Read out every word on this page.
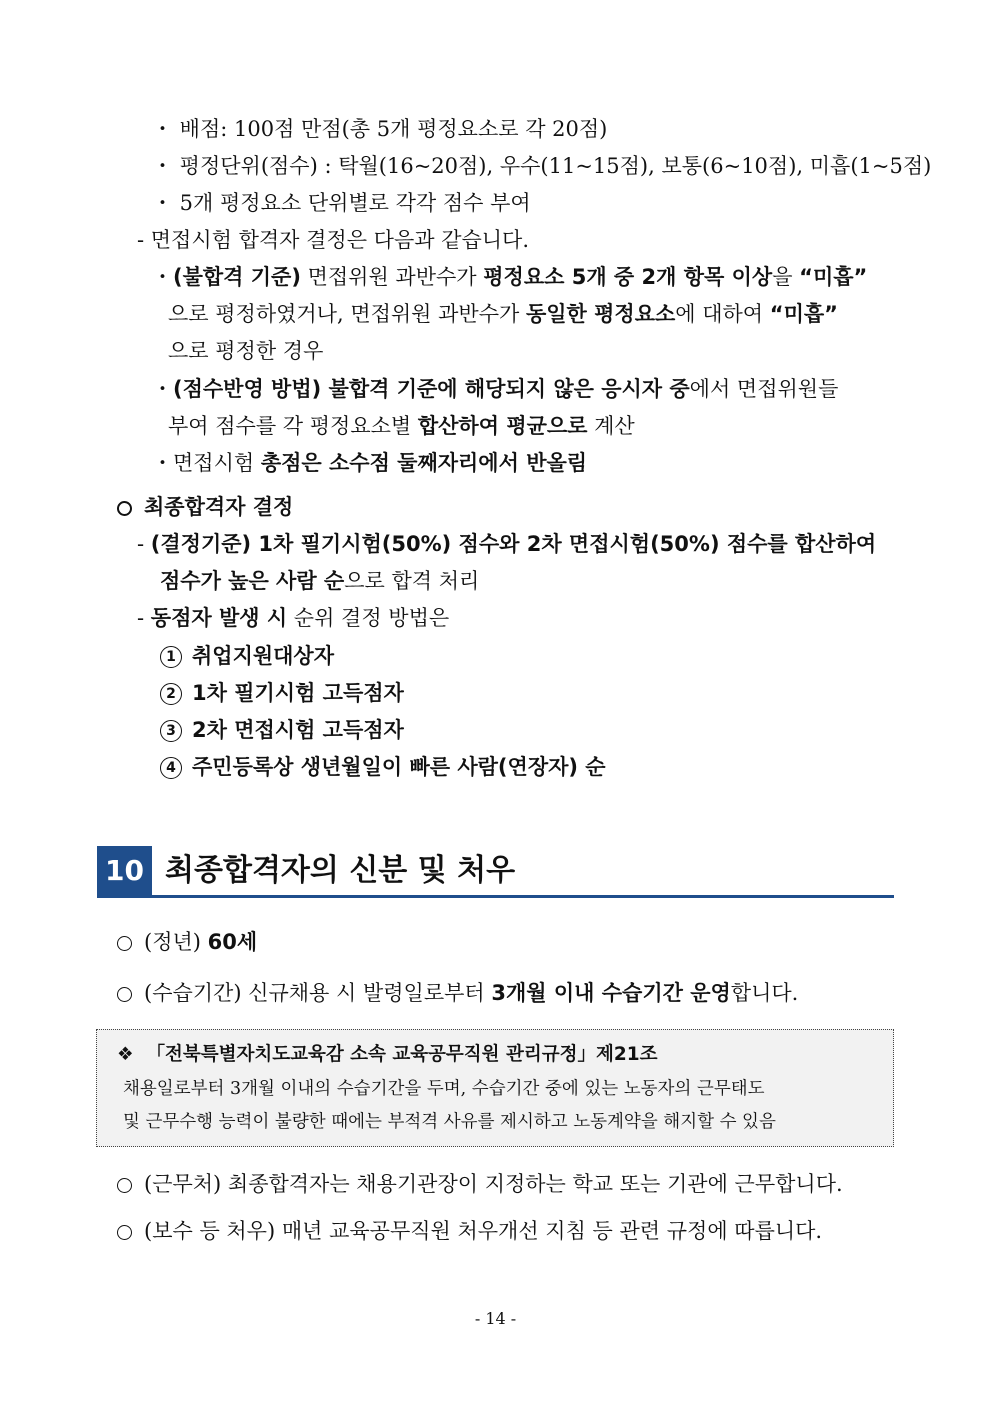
・ 배점: 100점 만점(총 5개 평정요소로 각 20점)
・ 평정단위(점수) : 탁월(16~20점), 우수(11~15점), 보통(6~10점), 미흡(1~5점)
・ 5개 평정요소 단위별로 각각 점수 부여
- 면접시험 합격자 결정은 다음과 같습니다.
・(불합격 기준) 면접위원 과반수가 평정요소 5개 중 2개 항목 이상을 “미흡”
으로 평정하였거나, 면접위원 과반수가 동일한 평정요소에 대하여 “미흡”
으로 평정한 경우
・(점수반영 방법) 불합격 기준에 해당되지 않은 응시자 중에서 면접위원들
부여 점수를 각 평정요소별 합산하여 평균으로 계산
・면접시험 총점은 소수점 둘째자리에서 반올림
최종합격자 결정
- (결정기준) 1차 필기시험(50%) 점수와 2차 면접시험(50%) 점수를 합산하여
점수가 높은 사람 순으로 합격 처리
- 동점자 발생 시 순위 결정 방법은
1 취업지원대상자
2 1차 필기시험 고득점자
3 2차 면접시험 고득점자
4 주민등록상 생년월일이 빠른 사람(연장자) 순
10 최종합격자의 신분 및 처우
(정년) 60세
(수습기간) 신규채용 시 발령일로부터 3개월 이내 수습기간 운영합니다.
❖ 「전북특별자치도교육감 소속 교육공무직원 관리규정」제21조
채용일로부터 3개월 이내의 수습기간을 두며, 수습기간 중에 있는 노동자의 근무태도
및 근무수행 능력이 불량한 때에는 부적격 사유를 제시하고 노동계약을 해지할 수 있음
(근무처) 최종합격자는 채용기관장이 지정하는 학교 또는 기관에 근무합니다.
(보수 등 처우) 매년 교육공무직원 처우개선 지침 등 관련 규정에 따릅니다.
- 14 -
